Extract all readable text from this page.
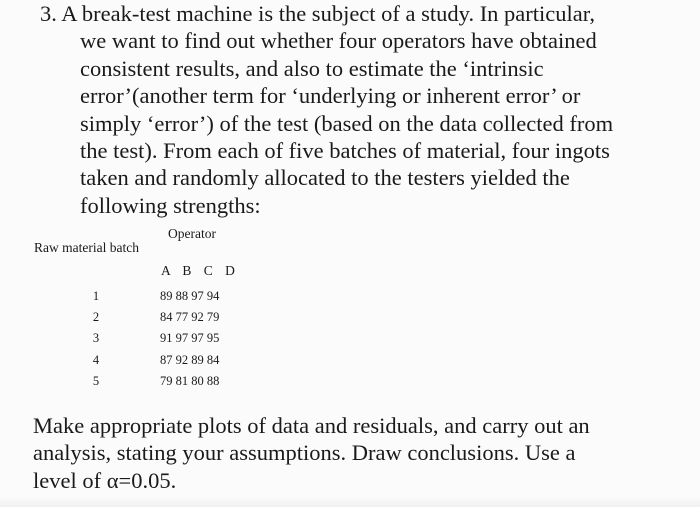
3. A break-test machine is the subject of a study. In particular,
we want to find out whether four operators have obtained
consistent results, and also to estimate the ‘intrinsic
error’(another term for ‘underlying or inherent error’ or
simply ‘error’) of the test (based on the data collected from
the test). From each of five batches of material, four ingots
taken and randomly allocated to the testers yielded the
following strengths:
Operator
Raw material batch
A B C D
1
2
3
4
5
89 88 97 94
84 77 92 79
91 97 97 95
87 92 89 84
79 81 80 88
Make appropriate plots of data and residuals, and carry out an
analysis, stating your assumptions. Draw conclusions. Use a
level of α=0.05.
